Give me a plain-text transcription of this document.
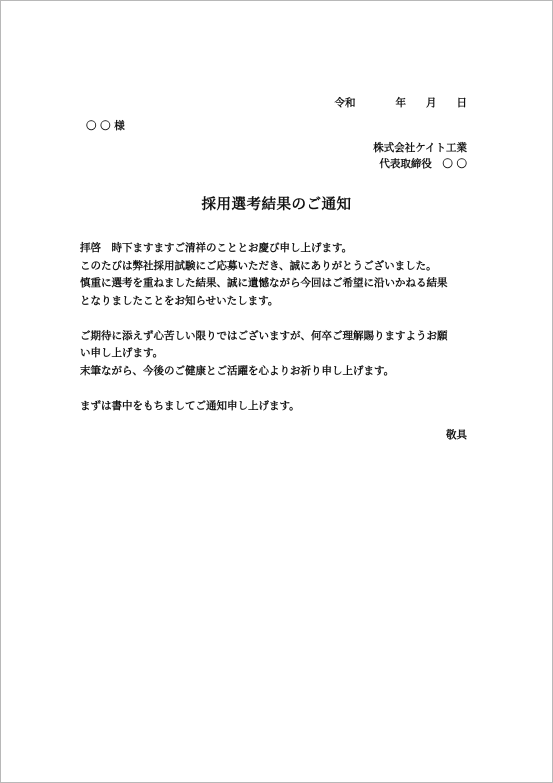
令和	年 月 日
〇 〇 様
株式会社ケイト工業
代表取締役　〇 〇
採用選考結果のご通知

拝啓　時下ますますご清祥のこととお慶び申し上げます。

このたびは弊社採用試験にご応募いただき、誠にありがとうございました。

慎重に選考を重ねました結果、誠に遺憾ながら今回はご希望に沿いかねる結果

となりましたことをお知らせいたします。

ご期待に添えず心苦しい限りではございますが、何卒ご理解賜りますようお願

い申し上げます。

末筆ながら、今後のご健康とご活躍を心よりお祈り申し上げます。

まずは書中をもちましてご通知申し上げます。

敬具
